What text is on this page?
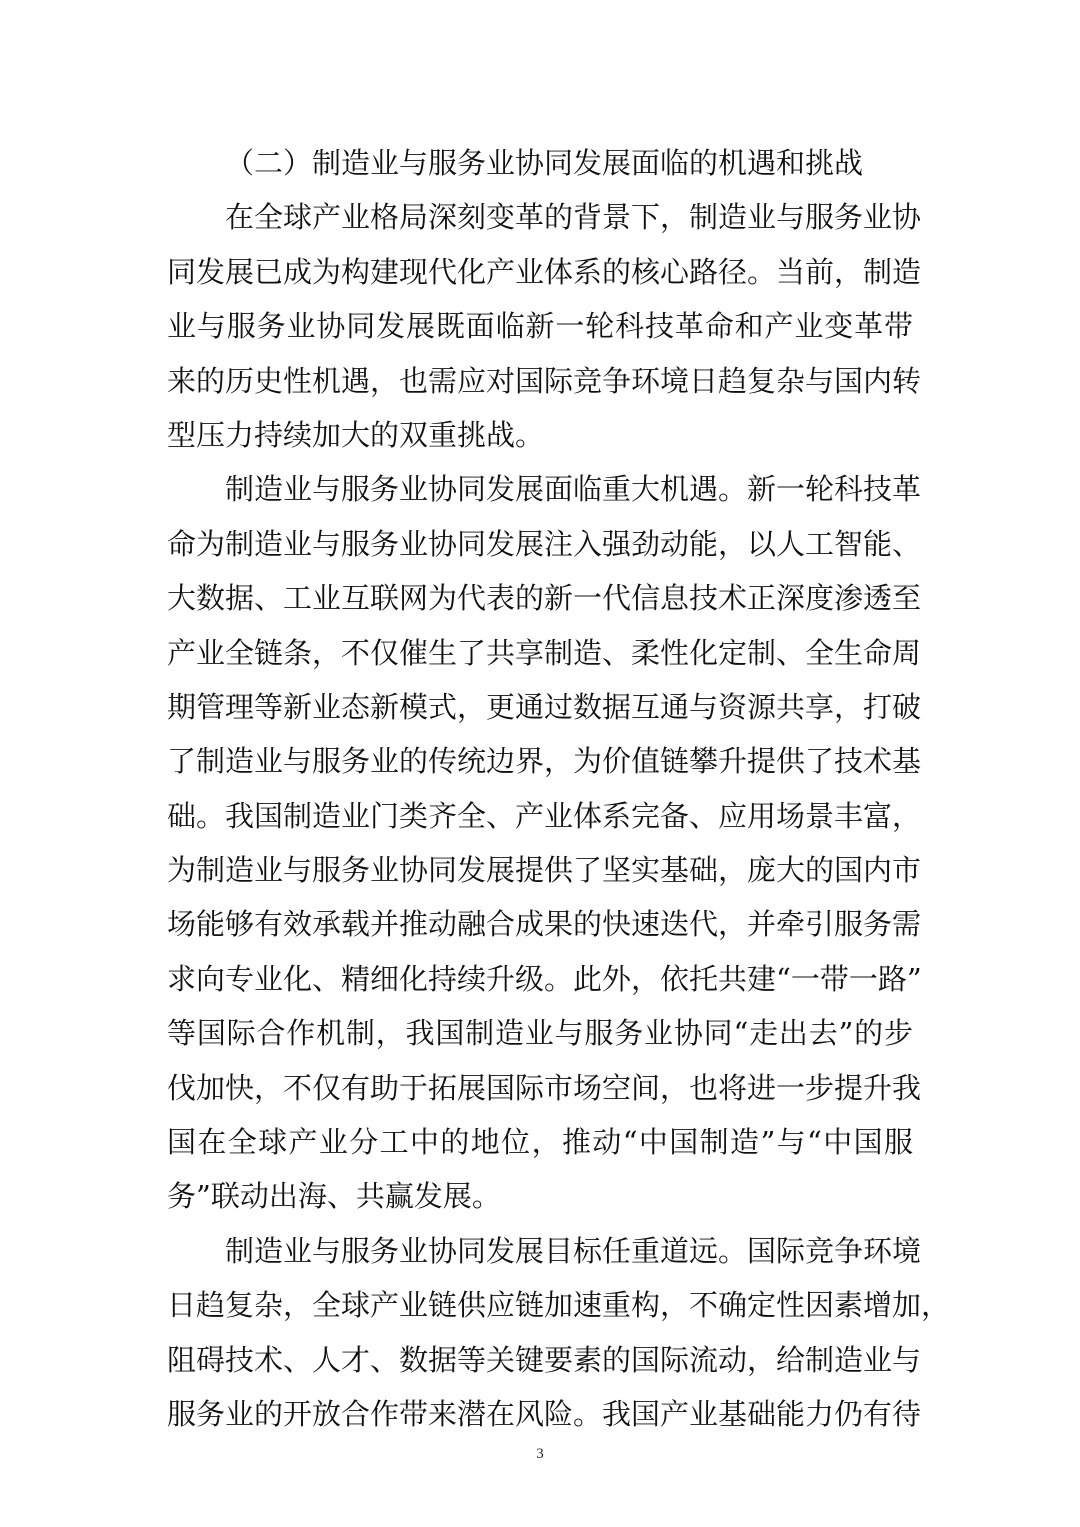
（二）制造业与服务业协同发展面临的机遇和挑战
在全球产业格局深刻变革的背景下，制造业与服务业协
同发展已成为构建现代化产业体系的核心路径。当前，制造
业与服务业协同发展既面临新一轮科技革命和产业变革带
来的历史性机遇，也需应对国际竞争环境日趋复杂与国内转
型压力持续加大的双重挑战。
制造业与服务业协同发展面临重大机遇。新一轮科技革
命为制造业与服务业协同发展注入强劲动能，以人工智能、
大数据、工业互联网为代表的新一代信息技术正深度渗透至
产业全链条，不仅催生了共享制造、柔性化定制、全生命周
期管理等新业态新模式，更通过数据互通与资源共享，打破
了制造业与服务业的传统边界，为价值链攀升提供了技术基
础。我国制造业门类齐全、产业体系完备、应用场景丰富，
为制造业与服务业协同发展提供了坚实基础，庞大的国内市
场能够有效承载并推动融合成果的快速迭代，并牵引服务需
求向专业化、精细化持续升级。此外，依托共建“一带一路”
等国际合作机制，我国制造业与服务业协同“走出去”的步
伐加快，不仅有助于拓展国际市场空间，也将进一步提升我
国在全球产业分工中的地位，推动“中国制造”与“中国服
务”联动出海、共赢发展。
制造业与服务业协同发展目标任重道远。国际竞争环境
日趋复杂，全球产业链供应链加速重构，不确定性因素增加，
阻碍技术、人才、数据等关键要素的国际流动，给制造业与
服务业的开放合作带来潜在风险。我国产业基础能力仍有待
3
